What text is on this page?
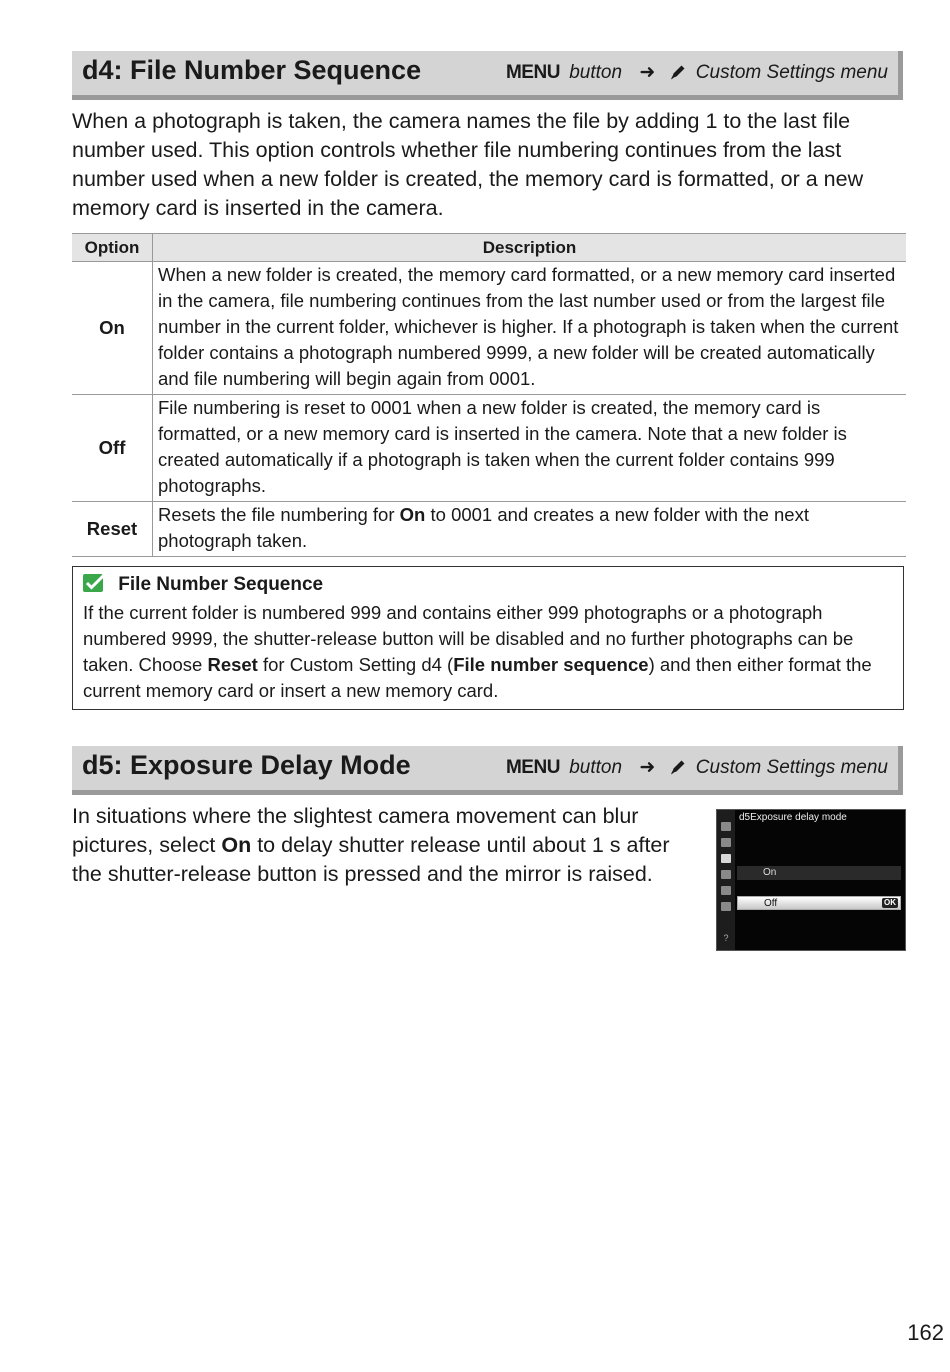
d4: File Number Sequence	MENU button ➜ Custom Settings menu
When a photograph is taken, the camera names the file by adding 1 to the last file number used. This option controls whether file numbering continues from the last number used when a new folder is created, the memory card is formatted, or a new memory card is inserted in the camera.
Option	Description
On	When a new folder is created, the memory card formatted, or a new memory card inserted in the camera, file numbering continues from the last number used or from the largest file number in the current folder, whichever is higher. If a photograph is taken when the current folder contains a photograph numbered 9999, a new folder will be created automatically and file numbering will begin again from 0001.
Off	File numbering is reset to 0001 when a new folder is created, the memory card is formatted, or a new memory card is inserted in the camera. Note that a new folder is created automatically if a photograph is taken when the current folder contains 999 photographs.
Reset	Resets the file numbering for On to 0001 and creates a new folder with the next photograph taken.
File Number Sequence
If the current folder is numbered 999 and contains either 999 photographs or a photograph numbered 9999, the shutter-release button will be disabled and no further photographs can be taken. Choose Reset for Custom Setting d4 (File number sequence) and then either format the current memory card or insert a new memory card.
d5: Exposure Delay Mode	MENU button ➜ Custom Settings menu
In situations where the slightest camera movement can blur pictures, select On to delay shutter release until about 1 s after the shutter-release button is pressed and the mirror is raised.
?
d5Exposure delay mode
On
Off	OK
162
